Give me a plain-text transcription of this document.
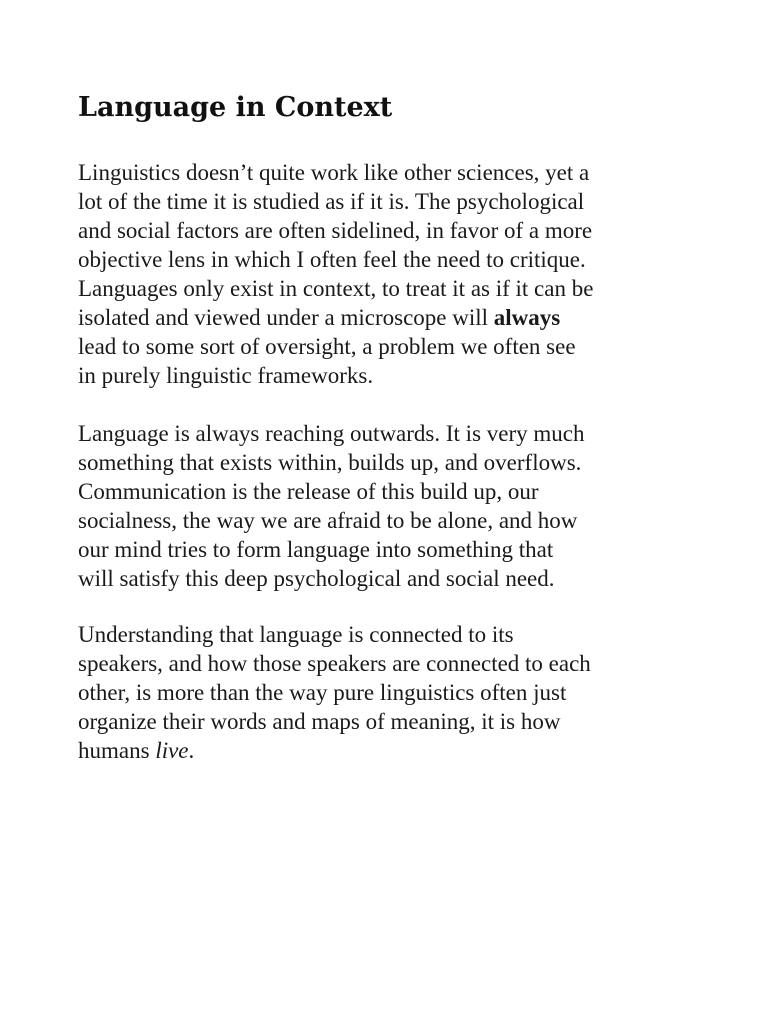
Language in Context

Linguistics doesn’t quite work like other sciences, yet a
lot of the time it is studied as if it is. The psychological
and social factors are often sidelined, in favor of a more
objective lens in which I often feel the need to critique.
Languages only exist in context, to treat it as if it can be
isolated and viewed under a microscope will always
lead to some sort of oversight, a problem we often see
in purely linguistic frameworks.

Language is always reaching outwards. It is very much
something that exists within, builds up, and overflows.
Communication is the release of this build up, our
socialness, the way we are afraid to be alone, and how
our mind tries to form language into something that
will satisfy this deep psychological and social need.

Understanding that language is connected to its
speakers, and how those speakers are connected to each
other, is more than the way pure linguistics often just
organize their words and maps of meaning, it is how
humans live.
